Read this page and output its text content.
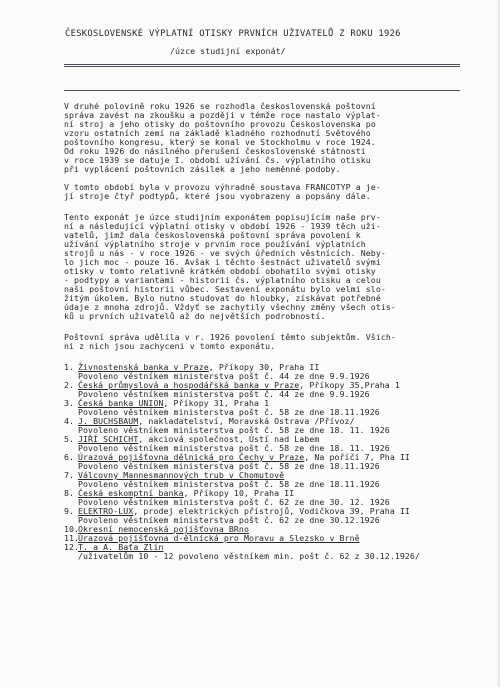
ČESKOSLOVENSKÉ VÝPLATNÍ OTISKY PRVNÍCH UŽIVATELŮ Z ROKU 1926
/úzce studijní exponát/
V druhé polovině roku 1926 se rozhodla československá poštovní
správa zavést na zkoušku a později v témže roce nastalo výplat-
ní stroj a jeho otisky do poštovního provozu Československa po
vzoru ostatních zemí na základě kladného rozhodnutí Světového
poštovního kongresu, který se konal ve Stockholmu v roce 1924.
Od roku 1926 do násilného přerušení československé státnosti
v roce 1939 se datuje I. období užívání čs. výplatního otisku
při vyplácení poštovních zásilek a jeho neměnné podoby.
V tomto období byla v provozu výhradně soustava FRANCOTYP a je-
jí stroje čtyř podtypů, které jsou vyobrazeny a popsány dále.
Tento exponát je úzce studijním exponátem popisujícím naše prv-
ní a následující výplatní otisky v období 1926 - 1939 těch uži-
vatelů, jimž dala československá poštovní správa povolení k
užívání výplatního stroje v prvním roce používání výplatních
strojů u nás - v roce 1926 - ve svých úředních věstnících. Neby-
lo jich moc - pouze 16. Avšak i těchto šestnáct uživatelů svými
otisky v tomto relativně krátkém období obohatilo svými otisky
- podtypy a variantami - historii čs. výplatního otisku a celou
naši poštovní historii vůbec. Sestavení exponátu bylo velmi slo-
žitým úkolem. Bylo nutno studovat do hloubky, získávat potřebné
údaje z mnoha zdrojů. Vždyť se zachytily všechny změny všech otis-
ků u prvních uživatelů až do největších podrobností.
Poštovní správa udělila v r. 1926 povolení těmto subjektům. Všich-
ni z nich jsou zachyceni v tomto exponátu.
1. Živnostenská banka v Praze, Příkopy 30, Praha II
Povoleno věstníkem ministerstva pošt č. 44 ze dne 9.9.1926
2. Česká průmyslová a hospodářská banka v Praze, Příkopy 35,Praha 1
Povoleno věstníkem ministerstva pošt č. 44 ze dne 9.9.1926
3. Česká banka UNION, Příkopy 31, Praha 1
Povoleno věstníkem ministerstva pošt č. 58 ze dne 18.11.1926
4. J. BUCHSBAUM, nakladatelství, Moravská Ostrava /Přívoz/
Povoleno věstníkem ministerstva pošt č. 58 ze dne 18. 11. 1926
5. JIŘÍ SCHICHT, akciová společnost, Ústí nad Labem
Povoleno věstníkem ministerstva pošt č. 58 ze dne 18. 11. 1926
6. Úrazová pojišťovna dělnická pro Čechy v Praze, Na poříčí 7, Pha II
Povoleno věstníkem ministerstva pošt č. 58 ze dne 18.11.1926
7. Válcovny Mannesmannových trub v Chomutově
Povoleno věstníkem ministerstva pošt č. 58 ze dne 18.11.1926
8. Česká eskomptní banka, Příkopy 10, Praha II
Povoleno věstníkem ministerstva pošt č. 62 ze dne 30. 12. 1926
9. ELEKTRO-LUX, prodej elektrických přístrojů, Vodičkova 39, Praha II
Povoleno věstníkem ministerstva pošt č. 62 ze dne 30.12.1926
10.Okresní nemocenská pojišťovna BRno
11.Úrazová pojišťovna d-ělnická pro Moravu a Slezsko v Brně
12.T. a A. Baťa Zlín
/uživatelům 10 - 12 povoleno věstníkem min. pošt č. 62 z 30.12.1926/
